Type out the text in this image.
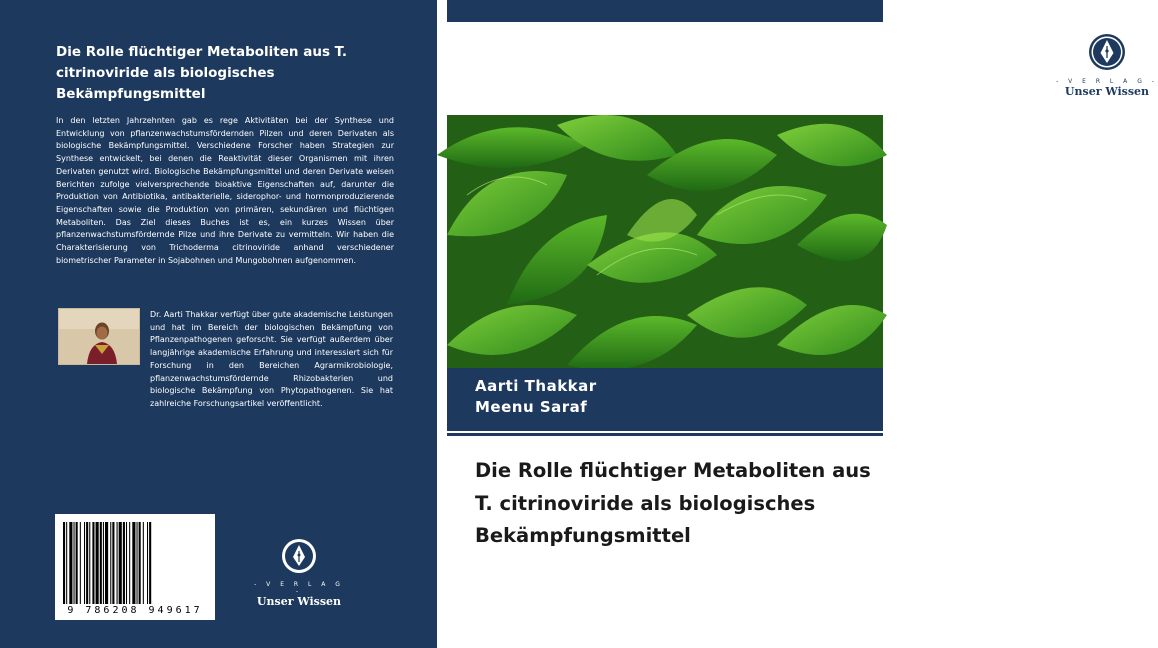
Die Rolle flüchtiger Metaboliten aus T. citrinoviride als biologisches Bekämpfungsmittel
In den letzten Jahrzehnten gab es rege Aktivitäten bei der Synthese und Entwicklung von pflanzenwachstumsfördernden Pilzen und deren Derivaten als biologische Bekämpfungsmittel. Verschiedene Forscher haben Strategien zur Synthese entwickelt, bei denen die Reaktivität dieser Organismen mit ihren Derivaten genutzt wird. Biologische Bekämpfungsmittel und deren Derivate weisen Berichten zufolge vielversprechende bioaktive Eigenschaften auf, darunter die Produktion von Antibiotika, antibakterielle, siderophor- und hormonproduzierende Eigenschaften sowie die Produktion von primären, sekundären und flüchtigen Metaboliten. Das Ziel dieses Buches ist es, ein kurzes Wissen über pflanzenwachstumsfördernde Pilze und ihre Derivate zu vermitteln. Wir haben die Charakterisierung von Trichoderma citrinoviride anhand verschiedener biometrischer Parameter in Sojabohnen und Mungobohnen aufgenommen.
Dr. Aarti Thakkar verfügt über gute akademische Leistungen und hat im Bereich der biologischen Bekämpfung von Pflanzenpathogenen geforscht. Sie verfügt außerdem über langjährige akademische Erfahrung und interessiert sich für Forschung in den Bereichen Agrarmikrobiologie, pflanzenwachstumsfördernde Rhizobakterien und biologische Bekämpfung von Phytopathogenen. Sie hat zahlreiche Forschungsartikel veröffentlicht.
9 786208 949617
- V E R L A G -
Unser Wissen
- V E R L A G -
Unser Wissen
Aarti Thakkar
Meenu Saraf
Die Rolle flüchtiger Metaboliten aus T. citrinoviride als biologisches Bekämpfungsmittel
